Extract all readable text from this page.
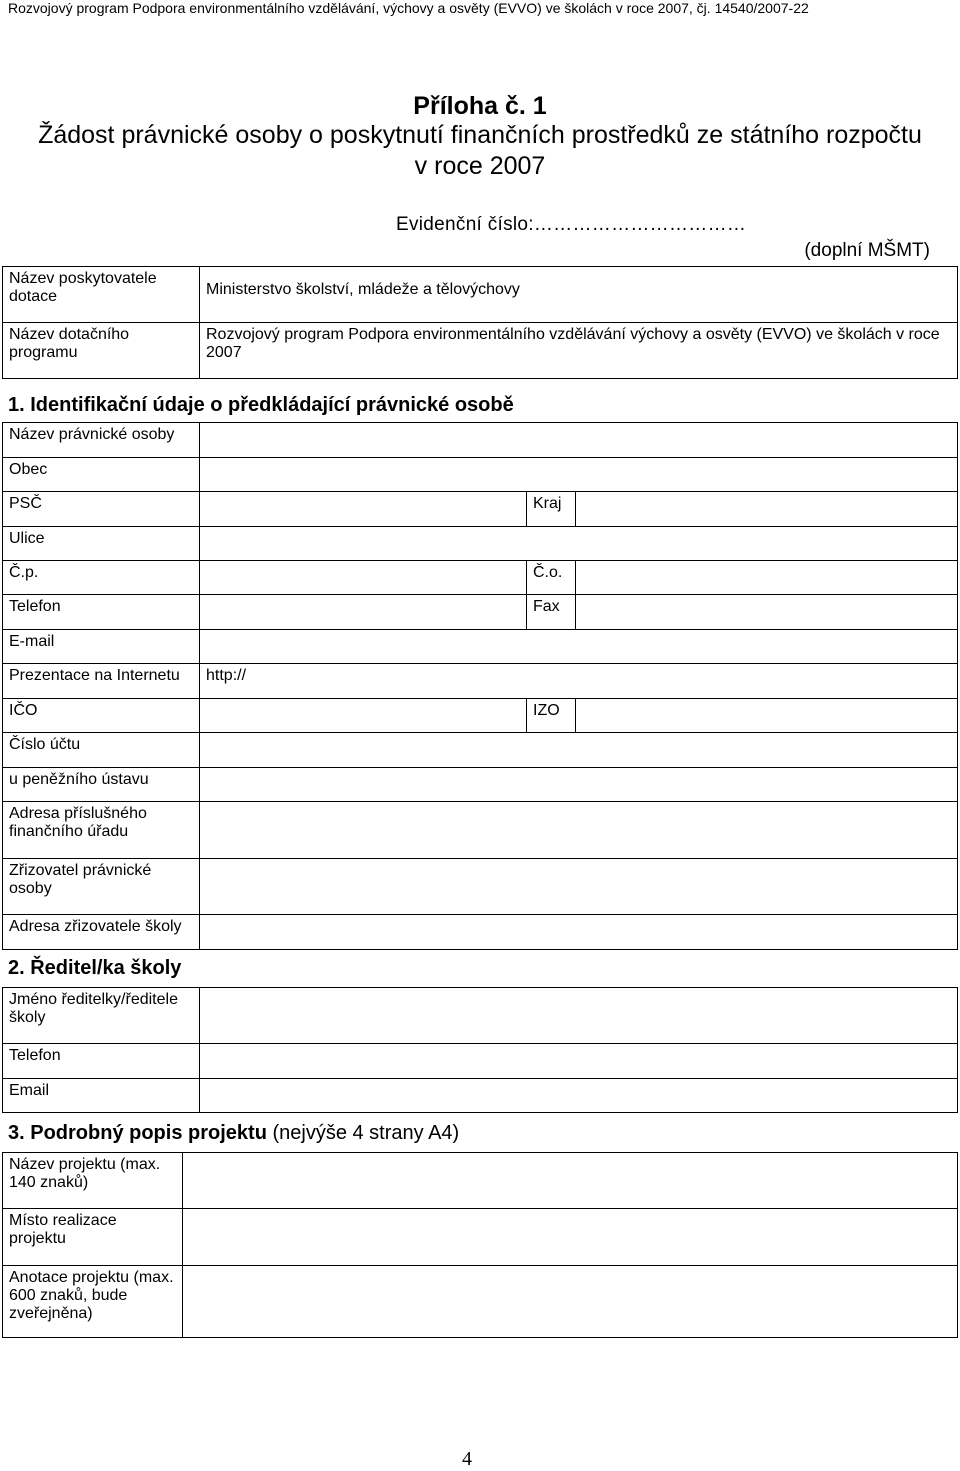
Rozvojový program Podpora environmentálního vzdělávání, výchovy a osvěty (EVVO) ve školách v roce 2007, čj. 14540/2007-22
Příloha č. 1
Žádost právnické osoby o poskytnutí finančních prostředků ze státního rozpočtu
v roce 2007
Evidenční číslo:……………………………
(doplní MŠMT)
Název poskytovatele dotace	Ministerstvo školství, mládeže a tělovýchovy
Název dotačního programu	Rozvojový program Podpora environmentálního vzdělávání výchovy a osvěty (EVVO) ve školách v roce 2007
1. Identifikační údaje o předkládající právnické osobě
Název právnické osoby			
Obec			
PSČ		Kraj	
Ulice			
Č.p.		Č.o.	
Telefon		Fax	
E-mail			
Prezentace na Internetu	http://		
IČO		IZO	
Číslo účtu			
u peněžního ústavu			
Adresa příslušného finančního úřadu			
Zřizovatel právnické osoby			
Adresa zřizovatele školy			
2. Ředitel/ka školy
Jméno ředitelky/ředitele školy	
Telefon	
Email	
3. Podrobný popis projektu (nejvýše 4 strany A4)
Název projektu (max. 140 znaků)	
Místo realizace projektu	
Anotace projektu (max. 600 znaků, bude zveřejněna)	
4
